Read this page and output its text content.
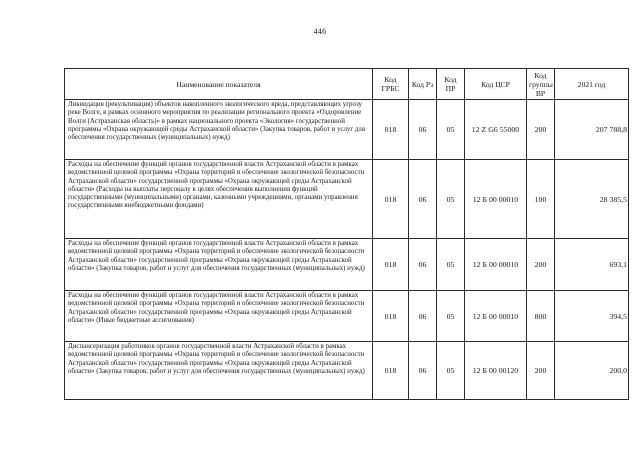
446
Наименование показателя	Код ГРБС	Код Рз	Код ПР	Код ЦСР	Код группы ВР	2021 год
Ликвидация (рекультивация) объектов накопленного экологического вреда, представляющих угрозу реке Волге, в рамках основного мероприятия по реализации регионального проекта «Оздоровление Волги (Астраханская область)» в рамках национального проекта «Экология» государственной программы «Охрана окружающей среды Астраханской области» (Закупка товаров, работ и услуг для обеспечения государственных (муниципальных) нужд)	018	06	05	12 Z G6 55000	200	207 788,8
Расходы на обеспечение функций органов государственной власти Астраханской области в рамках ведомственной целевой программы «Охрана территорий и обеспечение экологической безопасности Астраханской области» государственной программы «Охрана окружающей среды Астраханской области» (Расходы на выплаты персоналу в целях обеспечения выполнения функций государственными (муниципальными) органами, казенными учреждениями, органами управления государственными внебюджетными фондами)	018	06	05	12 Б 00 00010	100	28 385,5
Расходы на обеспечение функций органов государственной власти Астраханской области в рамках ведомственной целевой программы «Охрана территорий и обеспечение экологической безопасности Астраханской области» государственной программы «Охрана окружающей среды Астраханской области» (Закупка товаров, работ и услуг для обеспечения государственных (муниципальных) нужд)	018	06	05	12 Б 00 00010	200	693,1
Расходы на обеспечение функций органов государственной власти Астраханской области в рамках ведомственной целевой программы «Охрана территорий и обеспечение экологической безопасности Астраханской области» государственной программы «Охрана окружающей среды Астраханской области» (Иные бюджетные ассигнования)	018	06	05	12 Б 00 00010	800	394,5
Диспансеризация работников органов государственной власти Астраханской области в рамках ведомственной целевой программы «Охрана территорий и обеспечение экологической безопасности Астраханской области» государственной программы «Охрана окружающей среды Астраханской области» (Закупка товаров, работ и услуг для обеспечения государственных (муниципальных) нужд)	018	06	05	12 Б 00 00120	200	200,0
